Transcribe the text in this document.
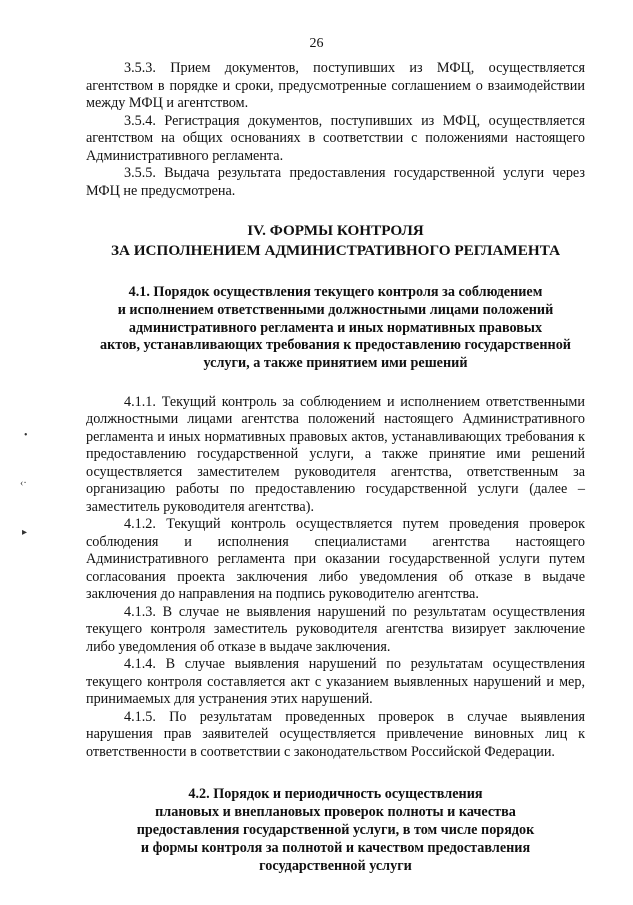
26
•
‹·
▸

3.5.3. Прием документов, поступивших из МФЦ, осуществляется агентством в порядке и сроки, предусмотренные соглашением о взаимодействии между МФЦ и агентством.

3.5.4. Регистрация документов, поступивших из МФЦ, осуществляется агентством на общих основаниях в соответствии с положениями настоящего Административного регламента.

3.5.5. Выдача результата предоставления государственной услуги через МФЦ не предусмотрена.

IV. ФОРМЫ КОНТРОЛЯ
ЗА ИСПОЛНЕНИЕМ АДМИНИСТРАТИВНОГО РЕГЛАМЕНТА
4.1. Порядок осуществления текущего контроля за соблюдением
и исполнением ответственными должностными лицами положений
административного регламента и иных нормативных правовых
актов, устанавливающих требования к предоставлению государственной
услуги, а также принятием ими решений

4.1.1. Текущий контроль за соблюдением и исполнением ответственными должностными лицами агентства положений настоящего Административного регламента и иных нормативных правовых актов, устанавливающих требования к предоставлению государственной услуги, а также принятие ими решений осуществляется заместителем руководителя агентства, ответственным за организацию работы по предоставлению государственной услуги (далее – заместитель руководителя агентства).

4.1.2. Текущий контроль осуществляется путем проведения проверок соблюдения и исполнения специалистами агентства настоящего Административного регламента при оказании государственной услуги путем согласования проекта заключения либо уведомления об отказе в выдаче заключения до направления на подпись руководителю агентства.

4.1.3. В случае не выявления нарушений по результатам осуществления текущего контроля заместитель руководителя агентства визирует заключение либо уведомления об отказе в выдаче заключения.

4.1.4. В случае выявления нарушений по результатам осуществления текущего контроля составляется акт с указанием выявленных нарушений и мер, принимаемых для устранения этих нарушений.

4.1.5. По результатам проведенных проверок в случае выявления нарушения прав заявителей осуществляется привлечение виновных лиц к ответственности в соответствии с законодательством Российской Федерации.

4.2. Порядок и периодичность осуществления
плановых и внеплановых проверок полноты и качества
предоставления государственной услуги, в том числе порядок
и формы контроля за полнотой и качеством предоставления
государственной услуги
